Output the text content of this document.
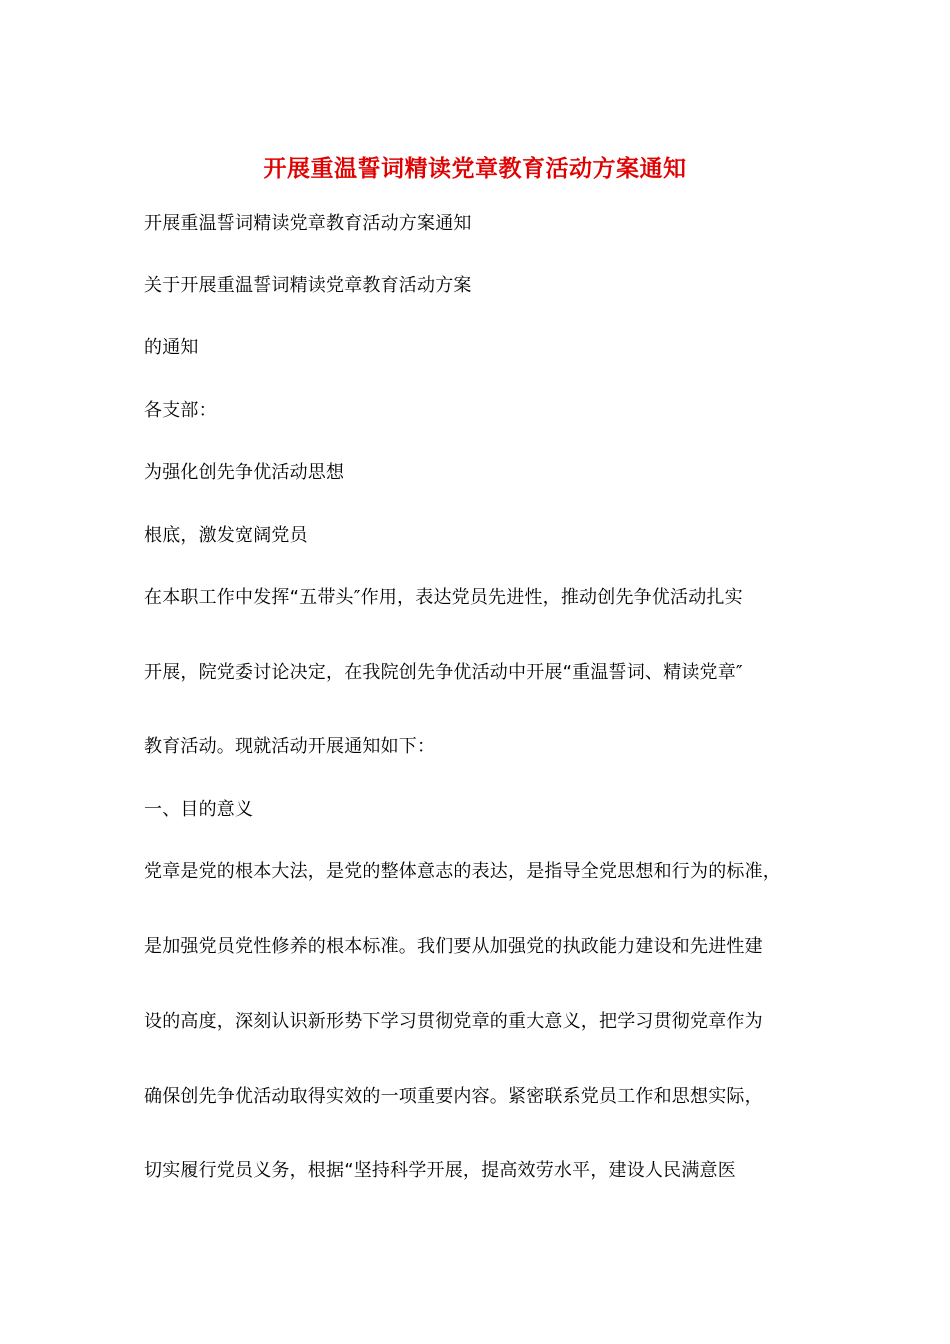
开展重温誓词精读党章教育活动方案通知
开展重温誓词精读党章教育活动方案通知
关于开展重温誓词精读党章教育活动方案
的通知
各支部：
为强化创先争优活动思想
根底，激发宽阔党员
在本职工作中发挥“五带头″作用，表达党员先进性，推动创先争优活动扎实
开展，院党委讨论决定，在我院创先争优活动中开展“重温誓词、精读党章″
教育活动。现就活动开展通知如下：
一、目的意义
党章是党的根本大法，是党的整体意志的表达，是指导全党思想和行为的标准，
是加强党员党性修养的根本标准。我们要从加强党的执政能力建设和先进性建
设的高度，深刻认识新形势下学习贯彻党章的重大意义，把学习贯彻党章作为
确保创先争优活动取得实效的一项重要内容。紧密联系党员工作和思想实际，
切实履行党员义务，根据“坚持科学开展，提高效劳水平，建设人民满意医
